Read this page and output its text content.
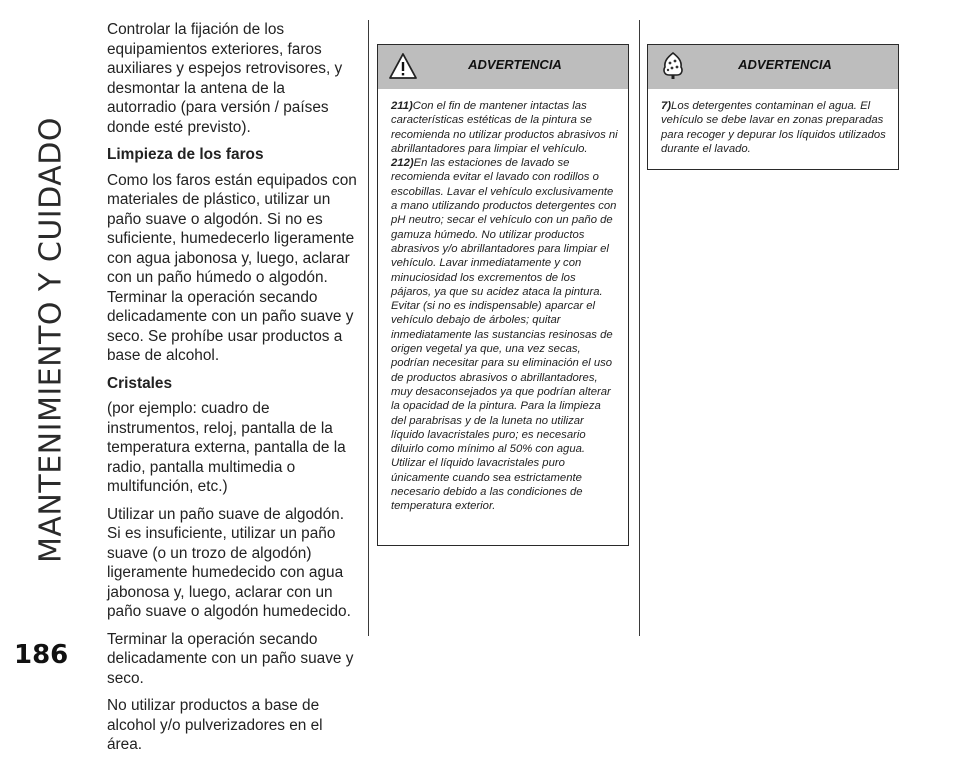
MANTENIMIENTO Y CUIDADO
186

Controlar la fijación de los equipamientos exteriores, faros auxiliares y espejos retrovisores, y desmontar la antena de la autorradio (para versión / países donde esté previsto).

Limpieza de los faros

Como los faros están equipados con materiales de plástico, utilizar un paño suave o algodón. Si no es suficiente, humedecerlo ligeramente con agua jabonosa y, luego, aclarar con un paño húmedo o algodón. Terminar la operación secando delicadamente con un paño suave y seco. Se prohíbe usar productos a base de alcohol.

Cristales

(por ejemplo: cuadro de instrumentos, reloj, pantalla de la temperatura externa, pantalla de la radio, pantalla multimedia o multifunción, etc.)

Utilizar un paño suave de algodón. Si es insuficiente, utilizar un paño suave (o un trozo de algodón) ligeramente humedecido con agua jabonosa y, luego, aclarar con un paño suave o algodón humedecido.

Terminar la operación secando delicadamente con un paño suave y seco.

No utilizar productos a base de alcohol y/o pulverizadores en el área.

ADVERTENCIA

211)Con el fin de mantener intactas las características estéticas de la pintura se recomienda no utilizar productos abrasivos ni abrillantadores para limpiar el vehículo.

212)En las estaciones de lavado se recomienda evitar el lavado con rodillos o escobillas. Lavar el vehículo exclusivamente a mano utilizando productos detergentes con pH neutro; secar el vehículo con un paño de gamuza húmedo. No utilizar productos abrasivos y/o abrillantadores para limpiar el vehículo. Lavar inmediatamente y con minuciosidad los excrementos de los pájaros, ya que su acidez ataca la pintura. Evitar (si no es indispensable) aparcar el vehículo debajo de árboles; quitar inmediatamente las sustancias resinosas de origen vegetal ya que, una vez secas, podrían necesitar para su eliminación el uso de productos abrasivos o abrillantadores, muy desaconsejados ya que podrían alterar la opacidad de la pintura. Para la limpieza del parabrisas y de la luneta no utilizar líquido lavacristales puro; es necesario diluirlo como mínimo al 50% con agua. Utilizar el líquido lavacristales puro únicamente cuando sea estrictamente necesario debido a las condiciones de temperatura exterior.

ADVERTENCIA

7)Los detergentes contaminan el agua. El vehículo se debe lavar en zonas preparadas para recoger y depurar los líquidos utilizados durante el lavado.
